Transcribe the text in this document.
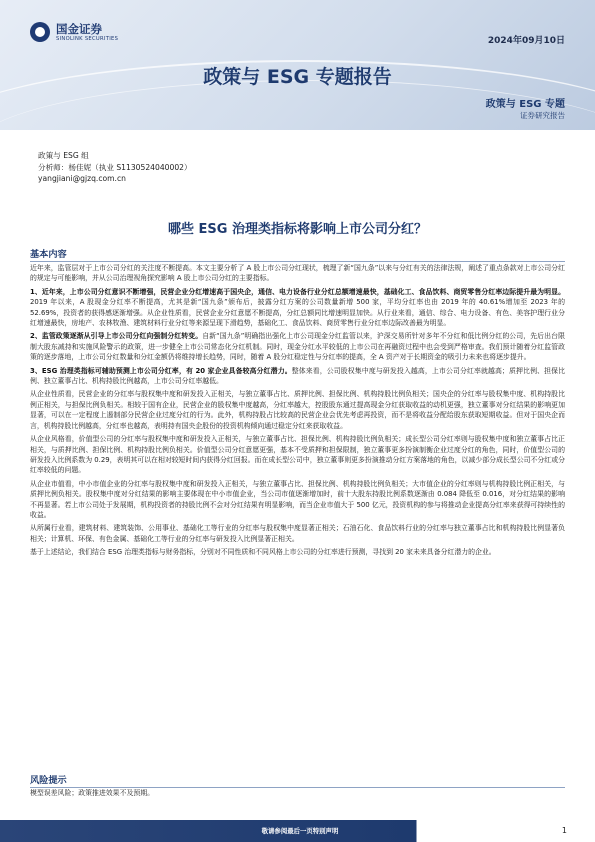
国金证券
SINOLINK SECURITIES	2024年09月10日
政策与 ESG 专题报告
政策与 ESG 专题
证券研究报告
政策与 ESG 组
分析师：杨佳妮（执业 S1130524040002）
yangjiani@gjzq.com.cn
哪些 ESG 治理类指标将影响上市公司分红？
基本内容

近年来，监管层对于上市公司分红的关注度不断提高。本文主要分析了 A 股上市公司分红现状，梳理了新“国九条”以来与分红有关的法律法规，阐述了重点条款对上市公司分红的规定与可能影响，并从公司治理视角探究影响 A 股上市公司分红的主要指标。

1、近年来，上市公司分红意识不断增强，民营企业分红增速高于国央企，通信、电力设备行业分红总额增速最快，基础化工、食品饮料、商贸零售分红率边际提升最为明显。2019 年以来，A 股现金分红率不断提高，尤其是新“国九条”颁布后，披露分红方案的公司数量新增 500 家，平均分红率也由 2019 年的 40.61%增加至 2023 年的 52.69%，投资者的获得感逐渐增强。从企业性质看，民营企业分红意愿不断提高，分红总额同比增速明显加快。从行业来看，通信、综合、电力设备、有色、美容护理行业分红增速最快，房地产、农林牧渔、建筑材料行业分红等来源呈现下滑趋势，基础化工、食品饮料、商贸零售行业分红率边际改善最为明显。

2、监管政策逐渐从引导上市公司分红向强制分红转变。自新“国九条”明确指出强化上市公司现金分红监管以来，沪深交易所针对多年不分红和低比例分红的公司，先后出台限制大股东减持和实施风险警示的政策，进一步健全上市公司常态化分红机制。同时，现金分红水平较低的上市公司在再融资过程中也会受到严格审查。我们预计随着分红监管政策的逐步落地，上市公司分红数量和分红金额仍将维持增长趋势，同时，随着 A 股分红稳定性与分红率的提高，全 A 资产对于长期资金的吸引力未来也将逐步提升。

3、ESG 治理类指标可辅助预测上市公司分红率，有 20 家企业具备较高分红潜力。整体来看，公司股权集中度与研发投入越高，上市公司分红率就越高；质押比例、担保比例、独立董事占比、机构持股比例越高，上市公司分红率越低。

从企业性质看，民营企业的分红率与股权集中度和研发投入正相关，与独立董事占比、质押比例、担保比例、机构持股比例负相关；国央企的分红率与股权集中度、机构持股比例正相关，与担保比例负相关。相较于国有企业，民营企业的股权集中度越高，分红率越大，控股股东通过提高现金分红获取收益的动机更强，独立董事对分红结果的影响更加显著，可以在一定程度上遏制部分民营企业过度分红的行为。此外，机构持股占比较高的民营企业会优先考虑再投资，而不是将收益分配给股东获取短期收益。但对于国央企而言，机构持股比例越高，分红率也越高，表明持有国央企股份的投资机构倾向通过稳定分红来获取收益。

从企业风格看，价值型公司的分红率与股权集中度和研发投入正相关，与独立董事占比、担保比例、机构持股比例负相关；成长型公司分红率则与股权集中度和独立董事占比正相关，与质押比例、担保比例、机构持股比例负相关。价值型公司分红意愿更强，基本不受质押和担保限制，独立董事更多扮演制衡企业过度分红的角色，同时，价值型公司的研发投入比例系数为 0.29，表明其可以在相对较短时间内获得分红回报。而在成长型公司中，独立董事则更多扮演推动分红方案落地的角色，以减少部分成长型公司不分红或分红率较低的问题。

从企业市值看，中小市值企业的分红率与股权集中度和研发投入正相关，与独立董事占比、担保比例、机构持股比例负相关；大市值企业的分红率则与机构持股比例正相关，与质押比例负相关。股权集中度对分红结果的影响主要体现在中小市值企业，当公司市值逐渐增加时，前十大股东持股比例系数逐渐由 0.084 降低至 0.016，对分红结果的影响不再显著。若上市公司处于发展期，机构投资者的持股比例不会对分红结果有明显影响，而当企业市值大于 500 亿元，投资机构的参与将推动企业提高分红率来获得可持续性的收益。

从所属行业看，建筑材料、建筑装饰、公用事业、基础化工等行业的分红率与股权集中度显著正相关；石油石化、食品饮料行业的分红率与独立董事占比和机构持股比例显著负相关；计算机、环保、有色金属、基础化工等行业的分红率与研发投入比例显著正相关。

基于上述结论，我们结合 ESG 治理类指标与财务指标，分别对不同性质和不同风格上市公司的分红率进行预测，寻找到 20 家未来具备分红潜力的企业。

风险提示
模型误差风险；政策推进效果不及预期。
敬请参阅最后一页特别声明	1
